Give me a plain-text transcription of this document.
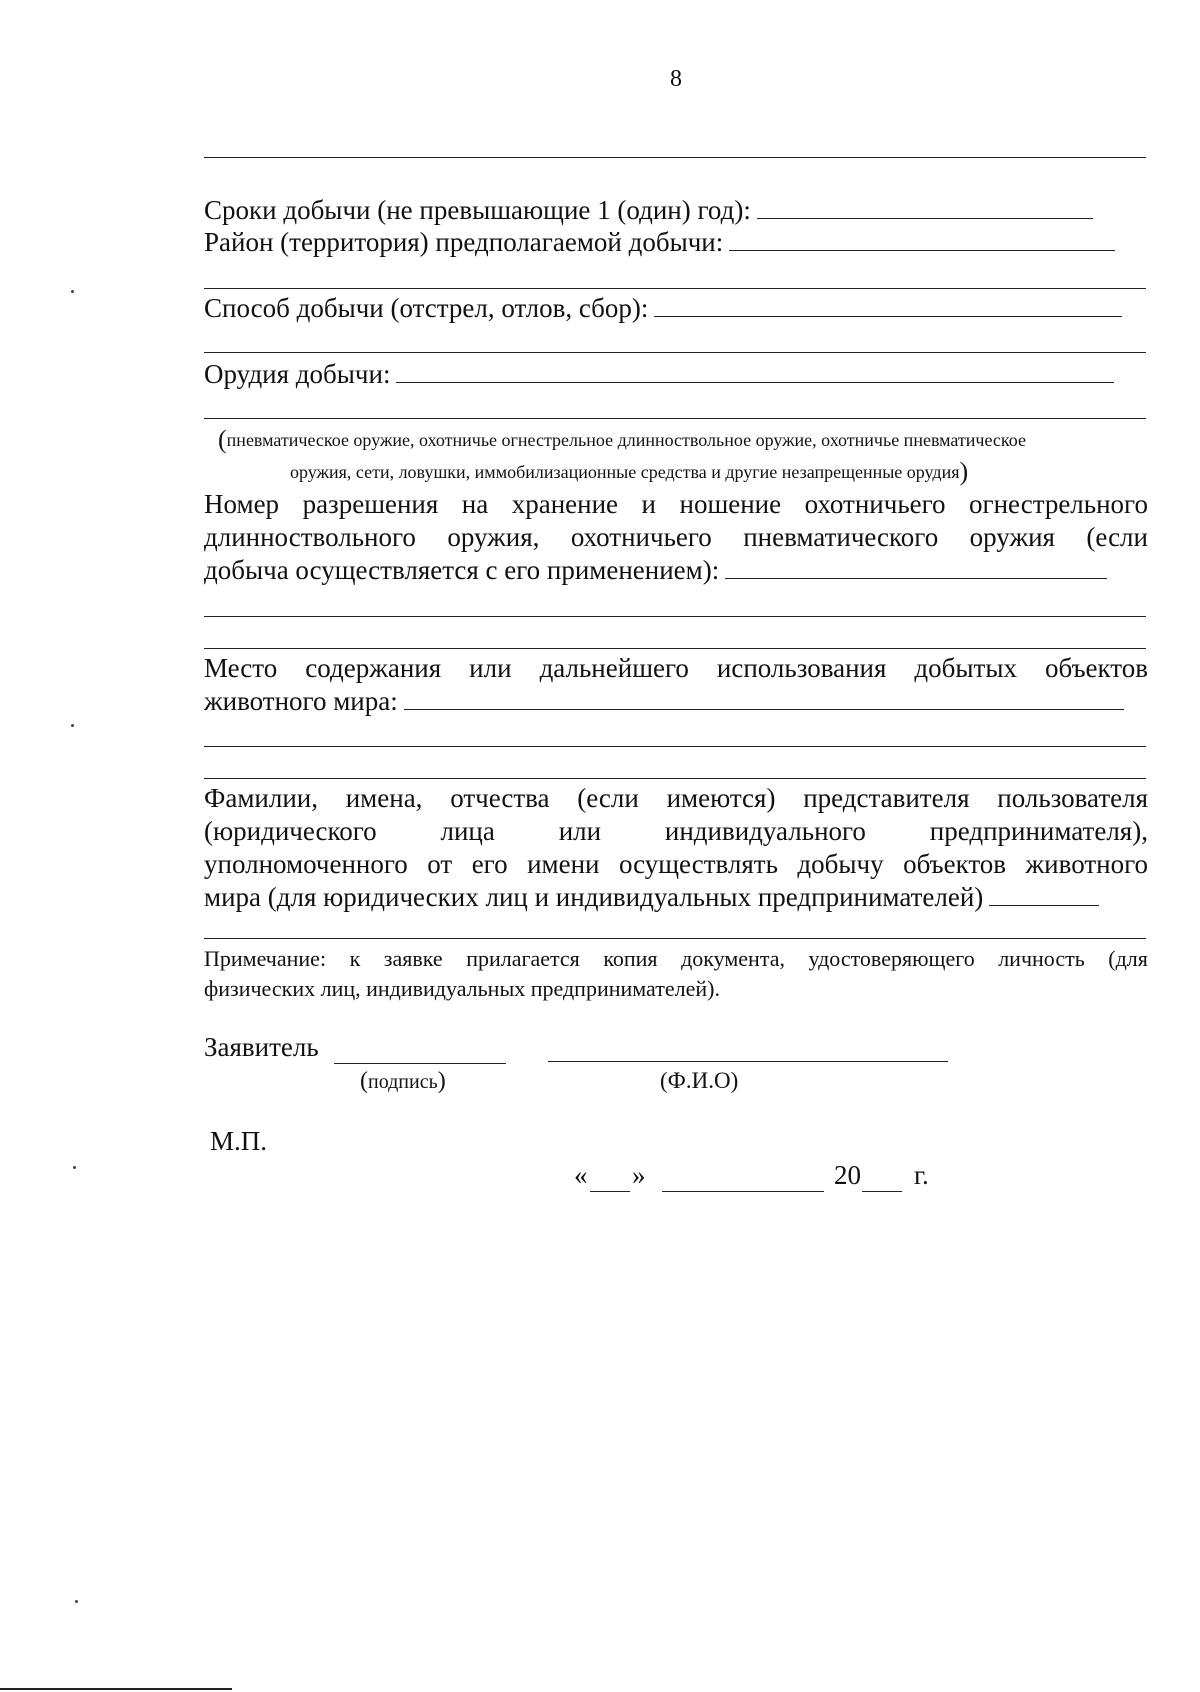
8
Сроки добычи (не превышающие 1 (один) год):
Район (территория) предполагаемой добычи:
Способ добычи (отстрел, отлов, сбор):
Орудия добычи:
(пневматическое оружие, охотничье огнестрельное длинноствольное оружие, охотничье пневматическое
оружия, сети, ловушки, иммобилизационные средства и другие незапрещенные орудия)
Номер разрешения на хранение и ношение охотничьего огнестрельного
длинноствольного оружия, охотничьего пневматического оружия (если
добыча осуществляется с его применением):
Место содержания или дальнейшего использования добытых объектов
животного мира:
Фамилии, имена, отчества (если имеются) представителя пользователя
(юридического лица или индивидуального предпринимателя),
уполномоченного от его имени осуществлять добычу объектов животного
мира (для юридических лиц и индивидуальных предпринимателей)
Примечание: к заявке прилагается копия документа, удостоверяющего личность (для
физических лиц, индивидуальных предпринимателей).
Заявитель
(подпись)	(Ф.И.О)
М.П.
« »	20 г.
